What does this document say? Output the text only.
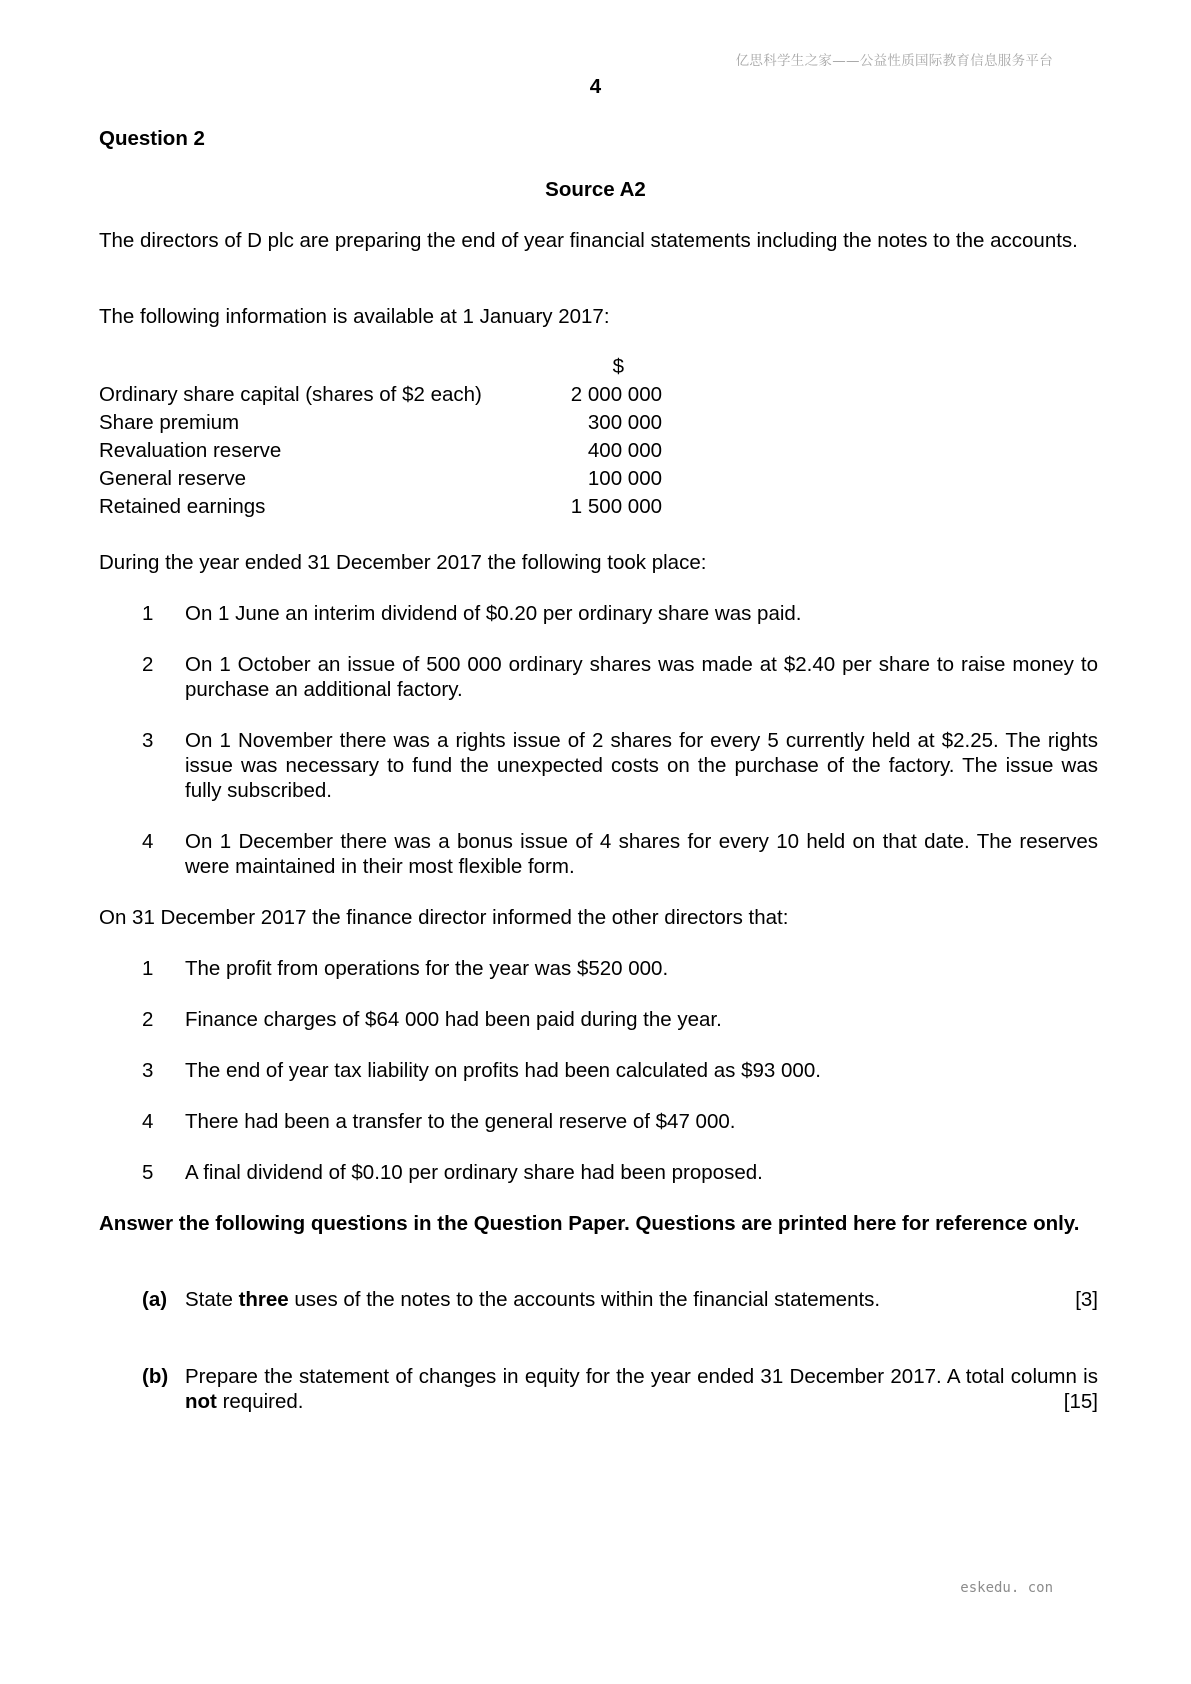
亿思科学生之家——公益性质国际教育信息服务平台
4
Question 2
Source A2
The directors of D plc are preparing the end of year financial statements including the notes to the accounts.
The following information is available at 1 January 2017:
$
Ordinary share capital (shares of $2 each)	2 000 000
Share premium	300 000
Revaluation reserve	400 000
General reserve	100 000
Retained earnings	1 500 000
During the year ended 31 December 2017 the following took place:
1	On 1 June an interim dividend of $0.20 per ordinary share was paid.
2	On 1 October an issue of 500 000 ordinary shares was made at $2.40 per share to raise money to purchase an additional factory.
3	On 1 November there was a rights issue of 2 shares for every 5 currently held at $2.25. The rights issue was necessary to fund the unexpected costs on the purchase of the factory. The issue was fully subscribed.
4	On 1 December there was a bonus issue of 4 shares for every 10 held on that date. The reserves were maintained in their most flexible form.
On 31 December 2017 the finance director informed the other directors that:
1	The profit from operations for the year was $520 000.
2	Finance charges of $64 000 had been paid during the year.
3	The end of year tax liability on profits had been calculated as $93 000.
4	There had been a transfer to the general reserve of $47 000.
5	A final dividend of $0.10 per ordinary share had been proposed.
Answer the following questions in the Question Paper. Questions are printed here for reference only.
(a) State three uses of the notes to the accounts within the financial statements.	[3]
(b) Prepare the statement of changes in equity for the year ended 31 December 2017. A total column is not required.	[15]
eskedu. con
